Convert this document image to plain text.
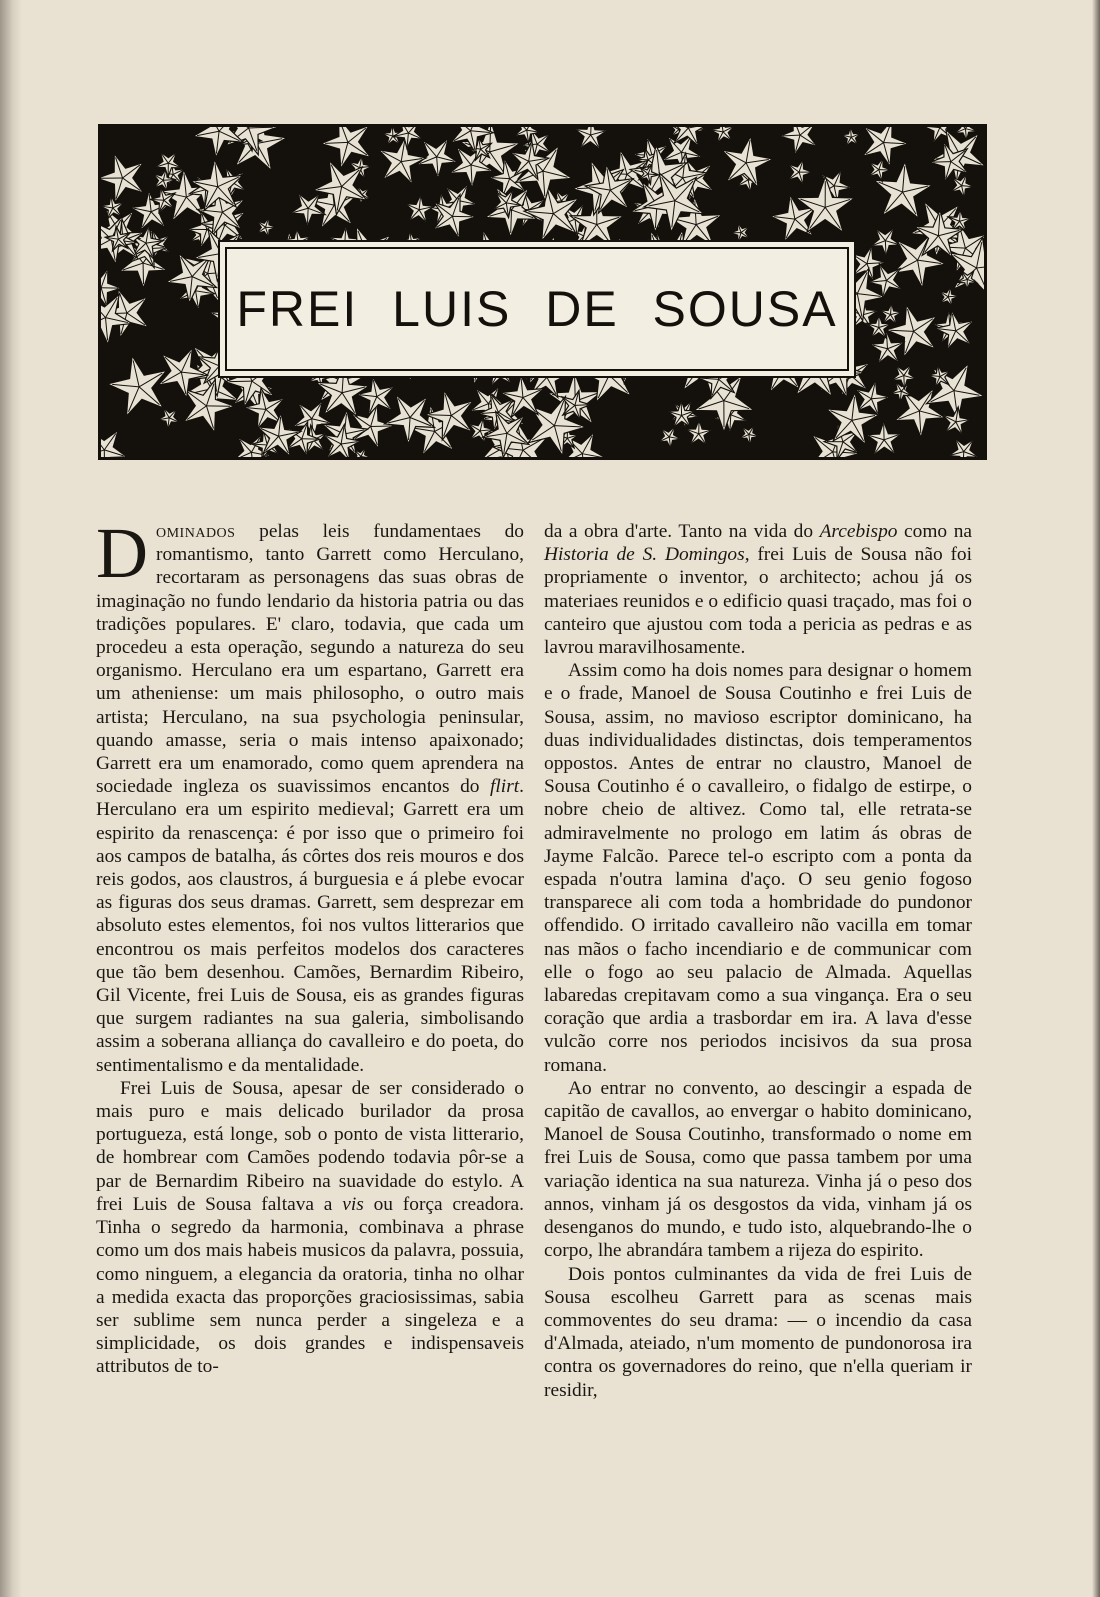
FREI LUIS DE SOUSA

Dominados pelas leis fundamentaes do romantismo, tanto Garrett como Herculano, recortaram as personagens das suas obras de imaginação no fundo lendario da historia patria ou das tradições populares. E' claro, todavia, que cada um procedeu a esta operação, segundo a natureza do seu organismo. Herculano era um espartano, Garrett era um atheniense: um mais philosopho, o outro mais artista; Herculano, na sua psychologia peninsular, quando amasse, seria o mais intenso apaixonado; Garrett era um enamorado, como quem aprendera na sociedade ingleza os suavissimos encantos do flirt. Herculano era um espirito medieval; Garrett era um espirito da renascença: é por isso que o primeiro foi aos campos de batalha, ás côrtes dos reis mouros e dos reis godos, aos claustros, á burguesia e á plebe evocar as figuras dos seus dramas. Garrett, sem desprezar em absoluto estes elementos, foi nos vultos litterarios que encontrou os mais perfeitos modelos dos caracteres que tão bem desenhou. Camões, Bernardim Ribeiro, Gil Vicente, frei Luis de Sousa, eis as grandes figuras que surgem radiantes na sua galeria, simbolisando assim a soberana alliança do cavalleiro e do poeta, do sentimentalismo e da mentalidade.

Frei Luis de Sousa, apesar de ser considerado o mais puro e mais delicado burilador da prosa portugueza, está longe, sob o ponto de vista litterario, de hombrear com Camões podendo todavia pôr-se a par de Bernardim Ribeiro na suavidade do estylo. A frei Luis de Sousa faltava a vis ou força creadora. Tinha o segredo da harmonia, combinava a phrase como um dos mais habeis musicos da palavra, possuia, como ninguem, a elegancia da oratoria, tinha no olhar a medida exacta das proporções graciosissimas, sabia ser sublime sem nunca perder a singeleza e a simplicidade, os dois grandes e indispensaveis attributos de to-

da a obra d'arte. Tanto na vida do Arcebispo como na Historia de S. Domingos, frei Luis de Sousa não foi propriamente o inventor, o architecto; achou já os materiaes reunidos e o edificio quasi traçado, mas foi o canteiro que ajustou com toda a pericia as pedras e as lavrou maravilhosamente.

Assim como ha dois nomes para designar o homem e o frade, Manoel de Sousa Coutinho e frei Luis de Sousa, assim, no mavioso escriptor dominicano, ha duas individualidades distinctas, dois temperamentos oppostos. Antes de entrar no claustro, Manoel de Sousa Coutinho é o cavalleiro, o fidalgo de estirpe, o nobre cheio de altivez. Como tal, elle retrata-se admiravelmente no prologo em latim ás obras de Jayme Falcão. Parece tel-o escripto com a ponta da espada n'outra lamina d'aço. O seu genio fogoso transparece ali com toda a hombridade do pundonor offendido. O irritado cavalleiro não vacilla em tomar nas mãos o facho incendiario e de communicar com elle o fogo ao seu palacio de Almada. Aquellas labaredas crepitavam como a sua vingança. Era o seu coração que ardia a trasbordar em ira. A lava d'esse vulcão corre nos periodos incisivos da sua prosa romana.

Ao entrar no convento, ao descingir a espada de capitão de cavallos, ao envergar o habito dominicano, Manoel de Sousa Coutinho, transformado o nome em frei Luis de Sousa, como que passa tambem por uma variação identica na sua natureza. Vinha já o peso dos annos, vinham já os desgostos da vida, vinham já os desenganos do mundo, e tudo isto, alquebrando-lhe o corpo, lhe abrandára tambem a rijeza do espirito.

Dois pontos culminantes da vida de frei Luis de Sousa escolheu Garrett para as scenas mais commoventes do seu drama: — o incendio da casa d'Almada, ateiado, n'um momento de pundonorosa ira contra os governadores do reino, que n'ella queriam ir residir,
